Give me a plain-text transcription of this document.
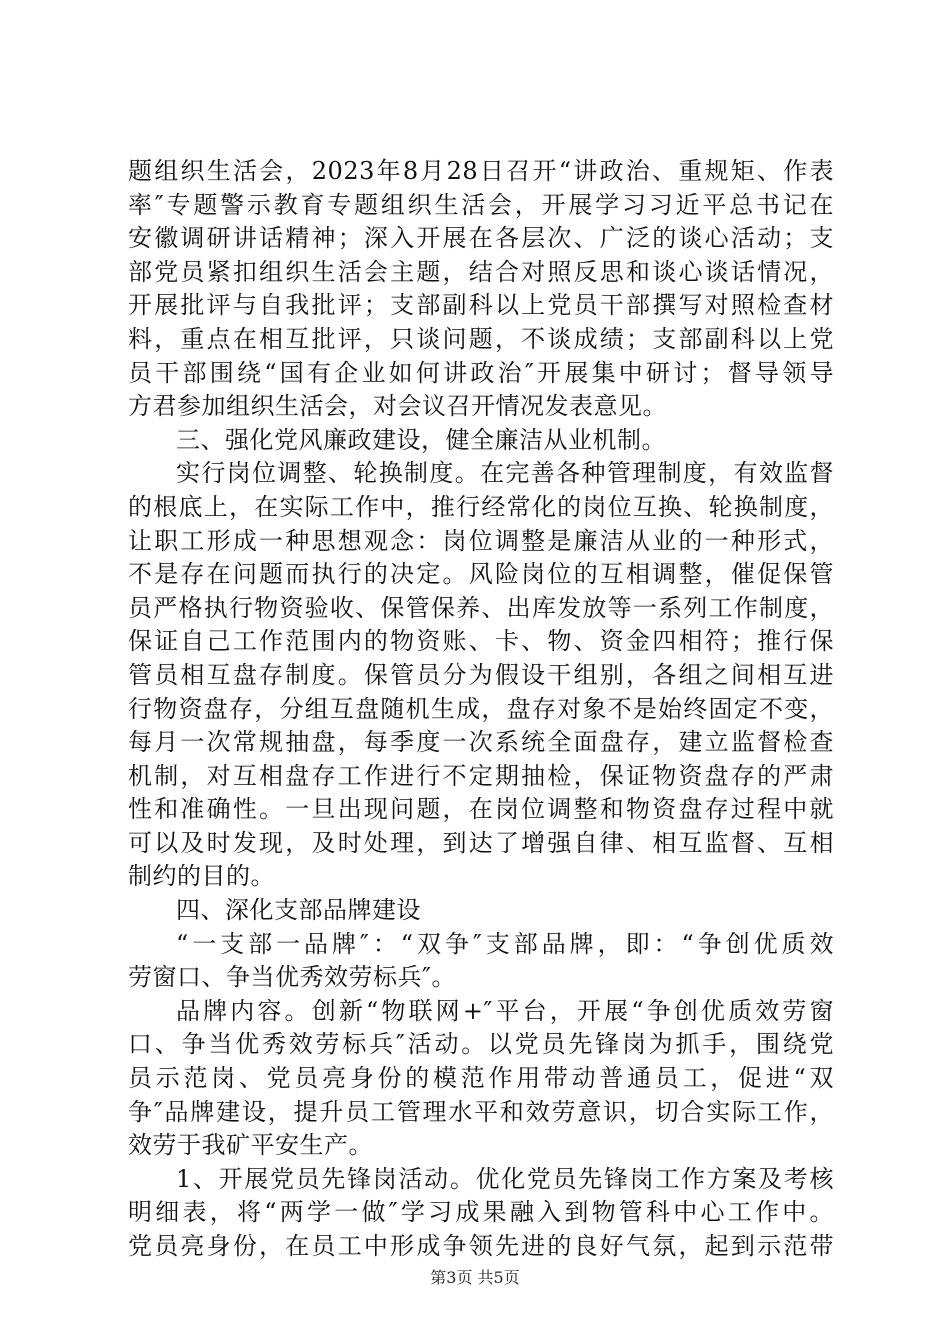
题组织生活会，2023年8月28日召开“讲政治、重规矩、作表
率″专题警示教育专题组织生活会，开展学习习近平总书记在
安徽调研讲话精神；深入开展在各层次、广泛的谈心活动；支
部党员紧扣组织生活会主题，结合对照反思和谈心谈话情况，
开展批评与自我批评；支部副科以上党员干部撰写对照检查材
料，重点在相互批评，只谈问题，不谈成绩；支部副科以上党
员干部围绕“国有企业如何讲政治″开展集中研讨；督导领导
方君参加组织生活会，对会议召开情况发表意见。
三、强化党风廉政建设，健全廉洁从业机制。
实行岗位调整、轮换制度。在完善各种管理制度，有效监督
的根底上，在实际工作中，推行经常化的岗位互换、轮换制度，
让职工形成一种思想观念：岗位调整是廉洁从业的一种形式，
不是存在问题而执行的决定。风险岗位的互相调整，催促保管
员严格执行物资验收、保管保养、出库发放等一系列工作制度，
保证自己工作范围内的物资账、卡、物、资金四相符；推行保
管员相互盘存制度。保管员分为假设干组别，各组之间相互进
行物资盘存，分组互盘随机生成，盘存对象不是始终固定不变，
每月一次常规抽盘，每季度一次系统全面盘存，建立监督检查
机制，对互相盘存工作进行不定期抽检，保证物资盘存的严肃
性和准确性。一旦出现问题，在岗位调整和物资盘存过程中就
可以及时发现，及时处理，到达了增强自律、相互监督、互相
制约的目的。
四、深化支部品牌建设
“一支部一品牌″：“双争″支部品牌，即：“争创优质效
劳窗口、争当优秀效劳标兵″。
品牌内容。创新“物联网+″平台，开展“争创优质效劳窗
口、争当优秀效劳标兵″活动。以党员先锋岗为抓手，围绕党
员示范岗、党员亮身份的模范作用带动普通员工，促进“双
争″品牌建设，提升员工管理水平和效劳意识，切合实际工作，
效劳于我矿平安生产。
1、开展党员先锋岗活动。优化党员先锋岗工作方案及考核
明细表，将“两学一做″学习成果融入到物管科中心工作中。
党员亮身份，在员工中形成争领先进的良好气氛，起到示范带
第3页 共5页
